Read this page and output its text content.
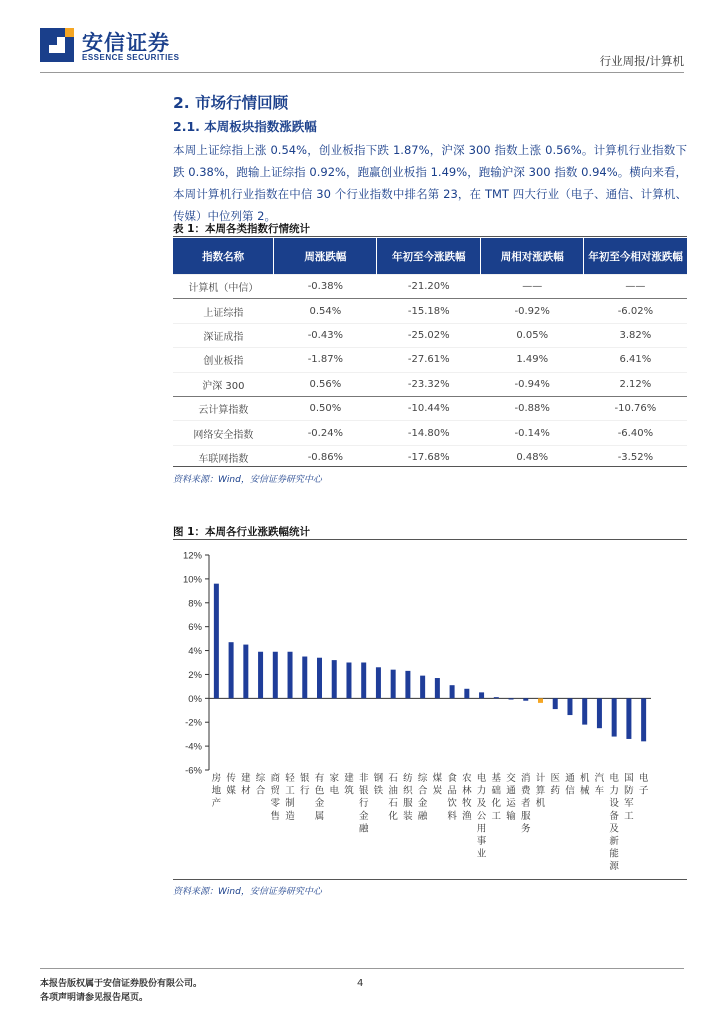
安信证券
ESSENCE SECURITIES	行业周报/计算机
2. 市场行情回顾
2.1. 本周板块指数涨跌幅
本周上证综指上涨 0.54%，创业板指下跌 1.87%，沪深 300 指数上涨 0.56%。计算机行业指数下跌 0.38%，跑输上证综指 0.92%，跑赢创业板指 1.49%，跑输沪深 300 指数 0.94%。横向来看，本周计算机行业指数在中信 30 个行业指数中排名第 23，在 TMT 四大行业（电子、通信、计算机、传媒）中位列第 2。
表 1：本周各类指数行情统计
指数名称	周涨跌幅	年初至今涨跌幅	周相对涨跌幅	年初至今相对涨跌幅
计算机（中信）	-0.38%	-21.20%	——	——
上证综指	0.54%	-15.18%	-0.92%	-6.02%
深证成指	-0.43%	-25.02%	0.05%	3.82%
创业板指	-1.87%	-27.61%	1.49%	6.41%
沪深 300	0.56%	-23.32%	-0.94%	2.12%
云计算指数	0.50%	-10.44%	-0.88%	-10.76%
网络安全指数	-0.24%	-14.80%	-0.14%	-6.40%
车联网指数	-0.86%	-17.68%	0.48%	-3.52%
资料来源：Wind，安信证券研究中心
图 1：本周各行业涨跌幅统计
-6%
-4%
-2%
0%
2%
4%
6%
8%
10%
12%
房地产
传媒
建材
综合
商贸零售
轻工制造
银行
有色金属
家电
建筑
非银行金融
钢铁
石油石化
纺织服装
综合金融
煤炭
食品饮料
农林牧渔
电力及公用事业
基础化工
交通运输
消费者服务
计算机
医药
通信
机械
汽车
电力设备及新能源
国防军工
电子
资料来源：Wind，安信证券研究中心
本报告版权属于安信证券股份有限公司。
各项声明请参见报告尾页。
4
